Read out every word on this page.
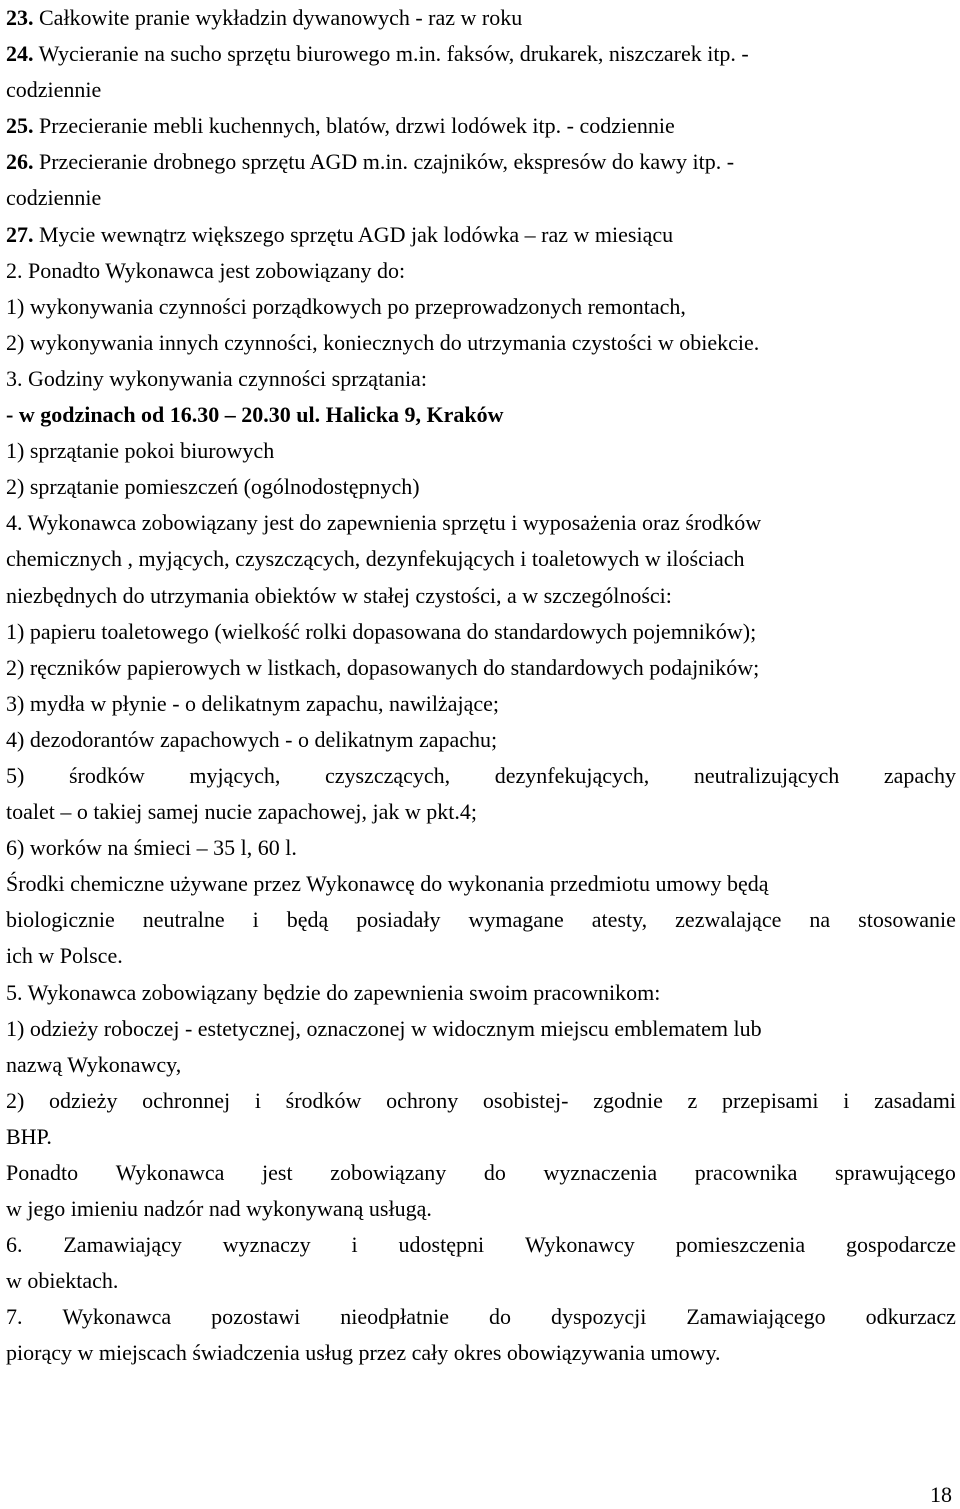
23. Całkowite pranie wykładzin dywanowych - raz w roku
24. Wycieranie na sucho sprzętu biurowego m.in. faksów, drukarek, niszczarek itp. -
codziennie
25. Przecieranie mebli kuchennych, blatów, drzwi lodówek itp. - codziennie
26. Przecieranie drobnego sprzętu AGD m.in. czajników, ekspresów do kawy itp. -
codziennie
27. Mycie wewnątrz większego sprzętu AGD jak lodówka – raz w miesiącu
2. Ponadto Wykonawca jest zobowiązany do:
1) wykonywania czynności porządkowych po przeprowadzonych remontach,
2) wykonywania innych czynności, koniecznych do utrzymania czystości w obiekcie.
3. Godziny wykonywania czynności sprzątania:
- w godzinach od 16.30 – 20.30 ul. Halicka 9, Kraków
1) sprzątanie pokoi biurowych
2) sprzątanie pomieszczeń (ogólnodostępnych)
4. Wykonawca zobowiązany jest do zapewnienia sprzętu i wyposażenia oraz środków
chemicznych , myjących, czyszczących, dezynfekujących i toaletowych w ilościach
niezbędnych do utrzymania obiektów w stałej czystości, a w szczególności:
1) papieru toaletowego (wielkość rolki dopasowana do standardowych pojemników);
2) ręczników papierowych w listkach, dopasowanych do standardowych podajników;
3) mydła w płynie - o delikatnym zapachu, nawilżające;
4) dezodorantów zapachowych - o delikatnym zapachu;
5) środków myjących, czyszczących, dezynfekujących, neutralizujących zapachy
toalet – o takiej samej nucie zapachowej, jak w pkt.4;
6) worków na śmieci – 35 l, 60 l.
Środki chemiczne używane przez Wykonawcę do wykonania przedmiotu umowy będą
biologicznie neutralne i będą posiadały wymagane atesty, zezwalające na stosowanie
ich w Polsce.
5. Wykonawca zobowiązany będzie do zapewnienia swoim pracownikom:
1) odzieży roboczej - estetycznej, oznaczonej w widocznym miejscu emblematem lub
nazwą Wykonawcy,
2) odzieży ochronnej i środków ochrony osobistej- zgodnie z przepisami i zasadami
BHP.
Ponadto Wykonawca jest zobowiązany do wyznaczenia pracownika sprawującego
w jego imieniu nadzór nad wykonywaną usługą.
6. Zamawiający wyznaczy i udostępni Wykonawcy pomieszczenia gospodarcze
w obiektach.
7. Wykonawca pozostawi nieodpłatnie do dyspozycji Zamawiającego odkurzacz
piorący w miejscach świadczenia usług przez cały okres obowiązywania umowy.
18
